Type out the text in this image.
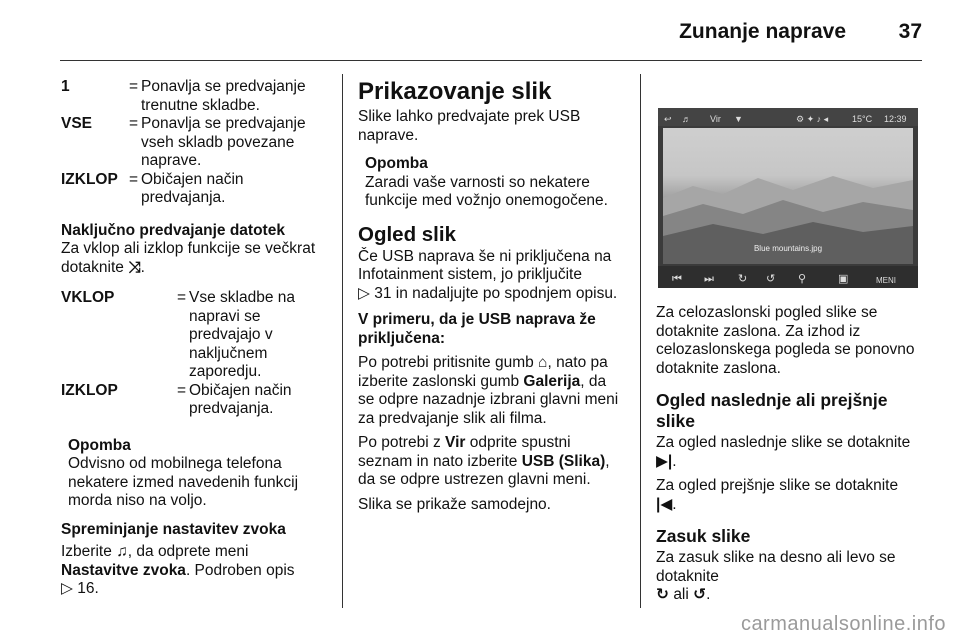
Zunanje naprave	37
1	= Ponavlja se predvajanje trenutne skladbe.
VSE	= Ponavlja se predvajanje vseh skladb povezane naprave.
IZKLOP = Običajen način predvajanja.

Naključno predvajanje datotek

Za vklop ali izklop funkcije se večkrat dotaknite ⤨.

VKLOP	= Vse skladbe na napravi se predvajajo v naključnem zaporedju.
IZKLOP	= Običajen način predvajanja.
Opomba
Odvisno od mobilnega telefona nekatere izmed navedenih funkcij morda niso na voljo.

Spreminjanje nastavitev zvoka

Izberite ♫, da odprete meni
Nastavitve zvoka. Podroben opis
▷ 16.

Prikazovanje slik

Slike lahko predvajate prek USB naprave.

Opomba
Zaradi vaše varnosti so nekatere funkcije med vožnjo onemogočene.
Ogled slik

Če USB naprava še ni priključena na Infotainment sistem, jo priključite
▷ 31 in nadaljujte po spodnjem opisu.

V primeru, da je USB naprava že priključena:

Po potrebi pritisnite gumb ⌂, nato pa izberite zaslonski gumb Galerija, da se odpre nazadnje izbrani glavni meni za predvajanje slik ali filma.

Po potrebi z Vir odprite spustni seznam in nato izberite USB (Slika), da se odpre ustrezen glavni meni.

Slika se prikaže samodejno.

↩ ♬ Vir ▼	⚙ ✦ ♪ ◂	15°C 12:39
Blue mountains.jpg
⏮ ⏭ ↻ ↺ ⚲	▣	MENI

Za celozaslonski pogled slike se dotaknite zaslona. Za izhod iz celozaslonskega pogleda se ponovno dotaknite zaslona.

Ogled naslednje ali prejšnje slike

Za ogled naslednje slike se dotaknite
▶|.

Za ogled prejšnje slike se dotaknite
|◀.

Zasuk slike

Za zasuk slike na desno ali levo se dotaknite
↻ ali ↺.

carmanualsonline.info
